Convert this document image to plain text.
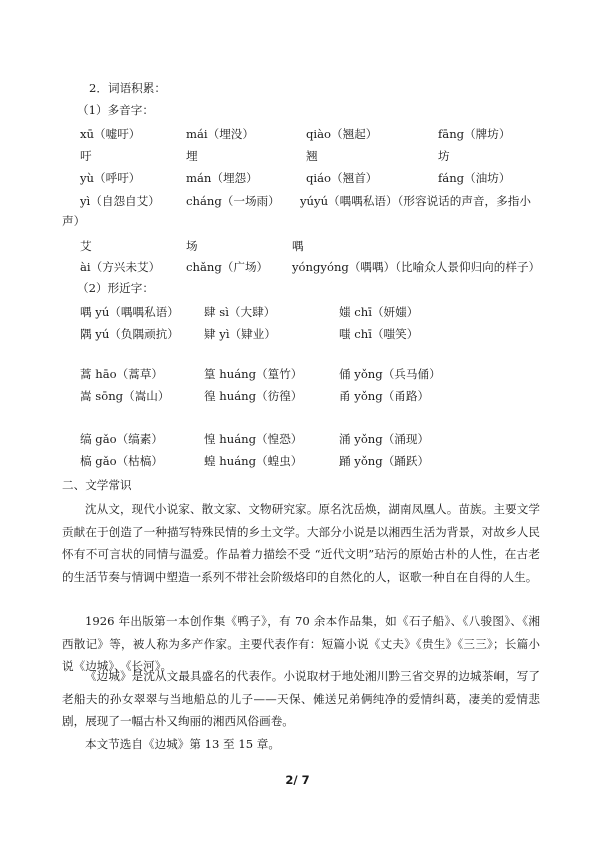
2．词语积累：
（1）多音字：
xū（嘘吁）	mái（埋没）	qiào（翘起）	fāng（牌坊）
吁	埋	翘	坊
yù（呼吁）	mán（埋怨）	qiáo（翘首）	fáng（油坊）
yì（自怨自艾） cháng（一场雨） yúyú（喁喁私语）（形容说话的声音，多指小
声）
艾	场	喁
ài（方兴未艾） chǎng（广场） yóngyóng（喁喁）（比喻众人景仰归向的样子）
（2）形近字：
喁 yú（喁喁私语） 肆 sì（大肆）	媸 chī（妍媸）
隅 yú（负隅顽抗） 肄 yì（肄业）	嗤 chī（嗤笑）
蒿 hāo（蒿草）	篁 huáng（篁竹）	俑 yǒng（兵马俑）
嵩 sōng（嵩山）	徨 huáng（彷徨）	甬 yǒng（甬路）
缟 gǎo（缟素）	惶 huáng（惶恐）	涌 yǒng（涌现）
槁 gǎo（枯槁）	蝗 huáng（蝗虫）	踊 yǒng（踊跃）
二、文学常识
沈从文，现代小说家、散文家、文物研究家。原名沈岳焕，湖南凤凰人。苗族。主要文学贡献在于创造了一种描写特殊民情的乡土文学。大部分小说是以湘西生活为背景，对故乡人民怀有不可言状的同情与温爱。作品着力描绘不受 “近代文明”玷污的原始古朴的人性，在古老的生活节奏与情调中塑造一系列不带社会阶级烙印的自然化的人，讴歌一种自在自得的人生。
1926 年出版第一本创作集《鸭子》，有 70 余本作品集，如《石子船》、《八骏图》、《湘西散记》等，被人称为多产作家。主要代表作有：短篇小说《丈夫》《贵生》《三三》；长篇小说《边城》、《长河》。
《边城》是沈从文最具盛名的代表作。小说取材于地处湘川黔三省交界的边城茶峒，写了老船夫的孙女翠翠与当地船总的儿子——天保、傩送兄弟俩纯净的爱情纠葛，凄美的爱情悲剧，展现了一幅古朴又绚丽的湘西风俗画卷。
本文节选自《边城》第 13 至 15 章。
2/ 7
